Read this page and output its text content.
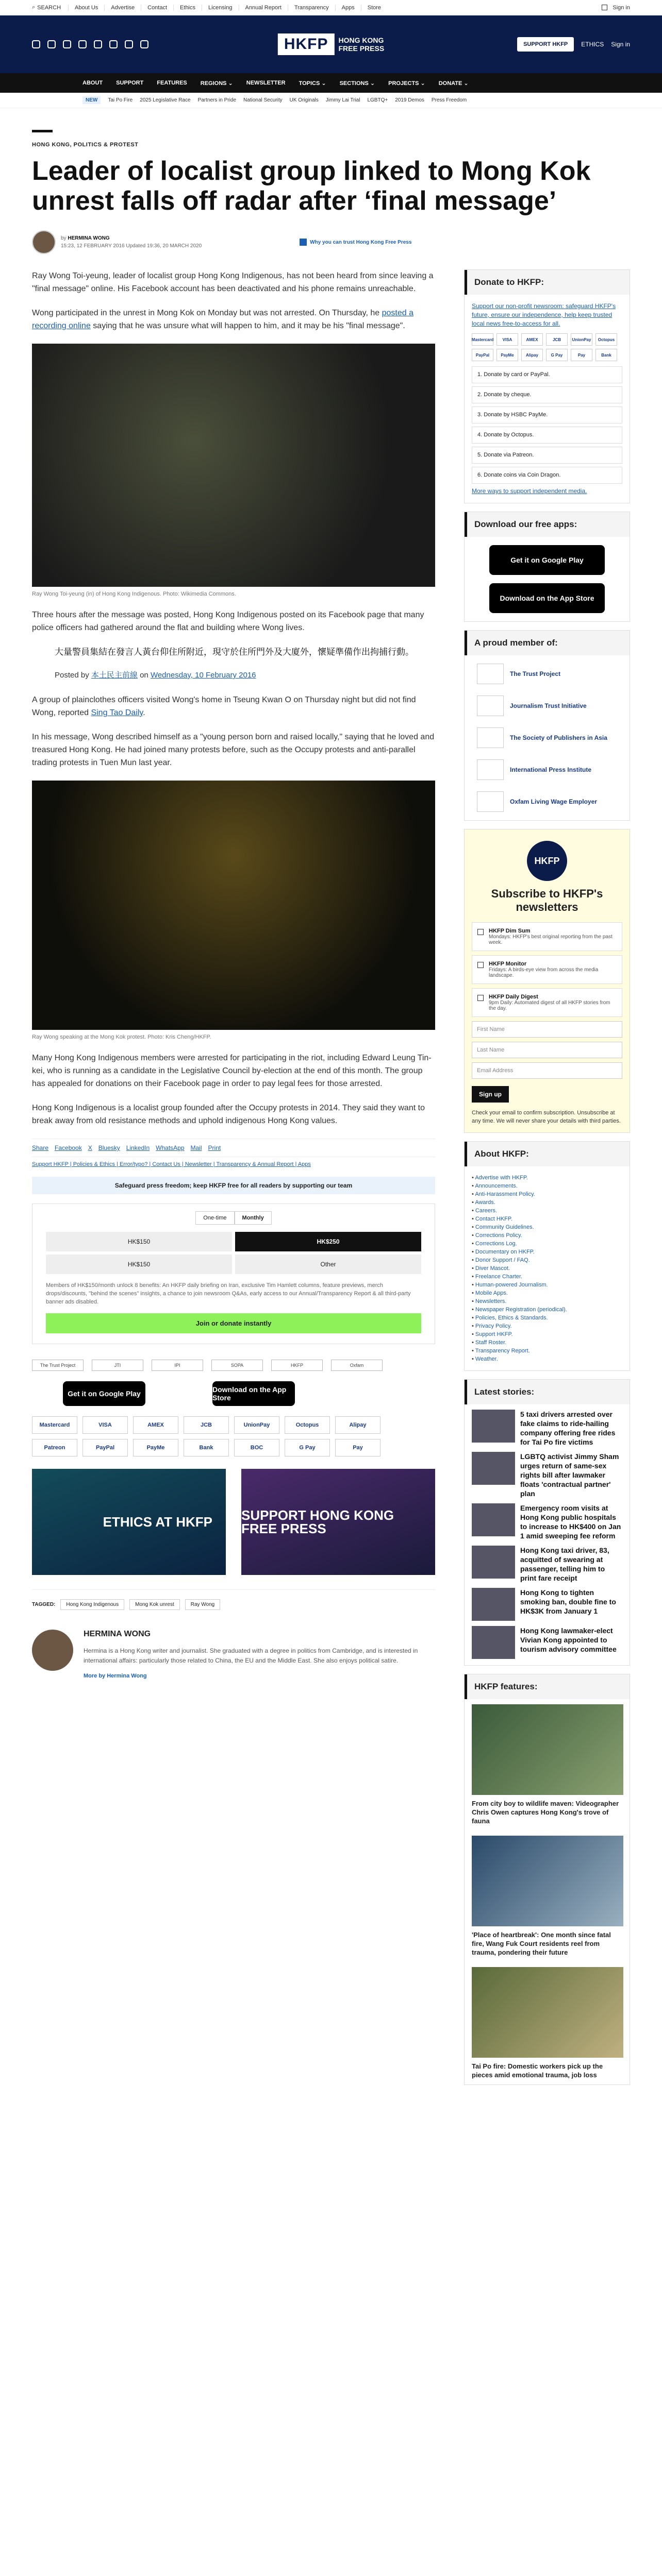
⌕ SEARCH	About Us	Advertise	Contact	Ethics	Licensing	Annual Report	Transparency	Apps	Store	Sign in
HKFP	HONG KONG
FREE PRESS	SUPPORT HKFP	ETHICS Sign in
ABOUT SUPPORT FEATURES REGIONS ⌄ NEWSLETTER TOPICS ⌄ SECTIONS ⌄ PROJECTS ⌄ DONATE ⌄
NEW	Tai Po Fire 2025 Legislative Race Partners in Pride National Security UK Originals Jimmy Lai Trial LGBTQ+ 2019 Demos Press Freedom
HONG KONG, POLITICS & PROTEST
Leader of localist group linked to Mong Kok unrest falls off radar after ‘final message’
by HERMINA WONG
15:23, 12 FEBRUARY 2016 Updated 19:36, 20 MARCH 2020
Why you can trust Hong Kong Free Press

Ray Wong Toi-yeung, leader of localist group Hong Kong Indigenous, has not been heard from since leaving a "final message" online. His Facebook account has been deactivated and his phone remains unreachable.

Wong participated in the unrest in Mong Kok on Monday but was not arrested. On Thursday, he posted a recording online saying that he was unsure what will happen to him, and it may be his "final message".

Ray Wong Toi-yeung (in) of Hong Kong Indigenous. Photo: Wikimedia Commons.

Three hours after the message was posted, Hong Kong Indigenous posted on its Facebook page that many police officers had gathered around the flat and building where Wong lives.

大量警員集結在發言人黃台仰住所附近，現守於住所門外及大廈外，懷疑準備作出拘捕行動。
Posted by 本土民主前線 on Wednesday, 10 February 2016

A group of plainclothes officers visited Wong's home in Tseung Kwan O on Thursday night but did not find Wong, reported Sing Tao Daily.

In his message, Wong described himself as a "young person born and raised locally," saying that he loved and treasured Hong Kong. He had joined many protests before, such as the Occupy protests and anti-parallel trading protests in Tuen Mun last year.

Ray Wong speaking at the Mong Kok protest. Photo: Kris Cheng/HKFP.

Many Hong Kong Indigenous members were arrested for participating in the riot, including Edward Leung Tin-kei, who is running as a candidate in the Legislative Council by-election at the end of this month. The group has appealed for donations on their Facebook page in order to pay legal fees for those arrested.

Hong Kong Indigenous is a localist group founded after the Occupy protests in 2014. They said they want to break away from old resistance methods and uphold indigenous Hong Kong values.

Share Facebook X Bluesky LinkedIn WhatsApp Mail Print
Support HKFP | Policies & Ethics | Error/typo? | Contact Us | Newsletter | Transparency & Annual Report | Apps
Safeguard press freedom; keep HKFP free for all readers by supporting our team
One-time	Monthly
HK$150	HK$250
HK$150	Other
Members of HK$150/month unlock 8 benefits: An HKFP daily briefing on Iran, exclusive Tim Hamlett columns, feature previews, merch drops/discounts, "behind the scenes" insights, a chance to join newsroom Q&As, early access to our Annual/Transparency Report & all third-party banner ads disabled.
Join or donate instantly
The Trust Project	JTI	IPI	SOPA	HKFP	Oxfam
Get it on Google Play	Download on the App Store
Mastercard	VISA	AMEX	JCB	UnionPay	Octopus	Alipay
Patreon	PayPal	PayMe	Bank	BOC	G Pay	Pay
ETHICS AT HKFP	SUPPORT HONG KONG FREE PRESS
TAGGED:	Hong Kong Indigenous	Mong Kok unrest	Ray Wong
HERMINA WONG

Hermina is a Hong Kong writer and journalist. She graduated with a degree in politics from Cambridge, and is interested in international affairs: particularly those related to China, the EU and the Middle East. She also enjoys political satire.

More by Hermina Wong
Donate to HKFP:
Support our non-profit newsroom: safeguard HKFP's future, ensure our independence, help keep trusted local news free-to-access for all.
Mastercard	VISA	AMEX	JCB	UnionPay	Octopus
PayPal	PayMe	Alipay	G Pay	Pay	Bank
1. Donate by card or PayPal.
2. Donate by cheque.
3. Donate by HSBC PayMe.
4. Donate by Octopus.
5. Donate via Patreon.
6. Donate coins via Coin Dragon.
More ways to support independent media.
Download our free apps:
Get it on Google Play
Download on the App Store
A proud member of:
The Trust Project
Journalism Trust Initiative
The Society of Publishers in Asia
International Press Institute
Oxfam Living Wage Employer
HKFP
Subscribe to HKFP's newsletters
HKFP Dim Sum
Mondays: HKFP's best original reporting from the past week.
HKFP Monitor
Fridays: A birds-eye view from across the media landscape.
HKFP Daily Digest
9pm Daily: Automated digest of all HKFP stories from the day.
First Name
Last Name
Email Address
Sign up
Check your email to confirm subscription. Unsubscribe at any time. We will never share your details with third parties.
About HKFP:
• Advertise with HKFP.
• Announcements.
• Anti-Harassment Policy.
• Awards.
• Careers.
• Contact HKFP.
• Community Guidelines.
• Corrections Policy.
• Corrections Log.
• Documentary on HKFP.
• Donor Support / FAQ.
• Diver Mascot.
• Freelance Charter.
• Human-powered Journalism.
• Mobile Apps.
• Newsletters.
• Newspaper Registration (periodical).
• Policies, Ethics & Standards.
• Privacy Policy.
• Support HKFP.
• Staff Roster.
• Transparency Report.
• Weather.
Latest stories:
5 taxi drivers arrested over fake claims to ride-hailing company offering free rides for Tai Po fire victims
LGBTQ activist Jimmy Sham urges return of same-sex rights bill after lawmaker floats 'contractual partner' plan
Emergency room visits at Hong Kong public hospitals to increase to HK$400 on Jan 1 amid sweeping fee reform
Hong Kong taxi driver, 83, acquitted of swearing at passenger, telling him to print fare receipt
Hong Kong to tighten smoking ban, double fine to HK$3K from January 1
Hong Kong lawmaker-elect Vivian Kong appointed to tourism advisory committee
HKFP features:
From city boy to wildlife maven: Videographer Chris Owen captures Hong Kong's trove of fauna
'Place of heartbreak': One month since fatal fire, Wang Fuk Court residents reel from trauma, pondering their future
Tai Po fire: Domestic workers pick up the pieces amid emotional trauma, job loss
